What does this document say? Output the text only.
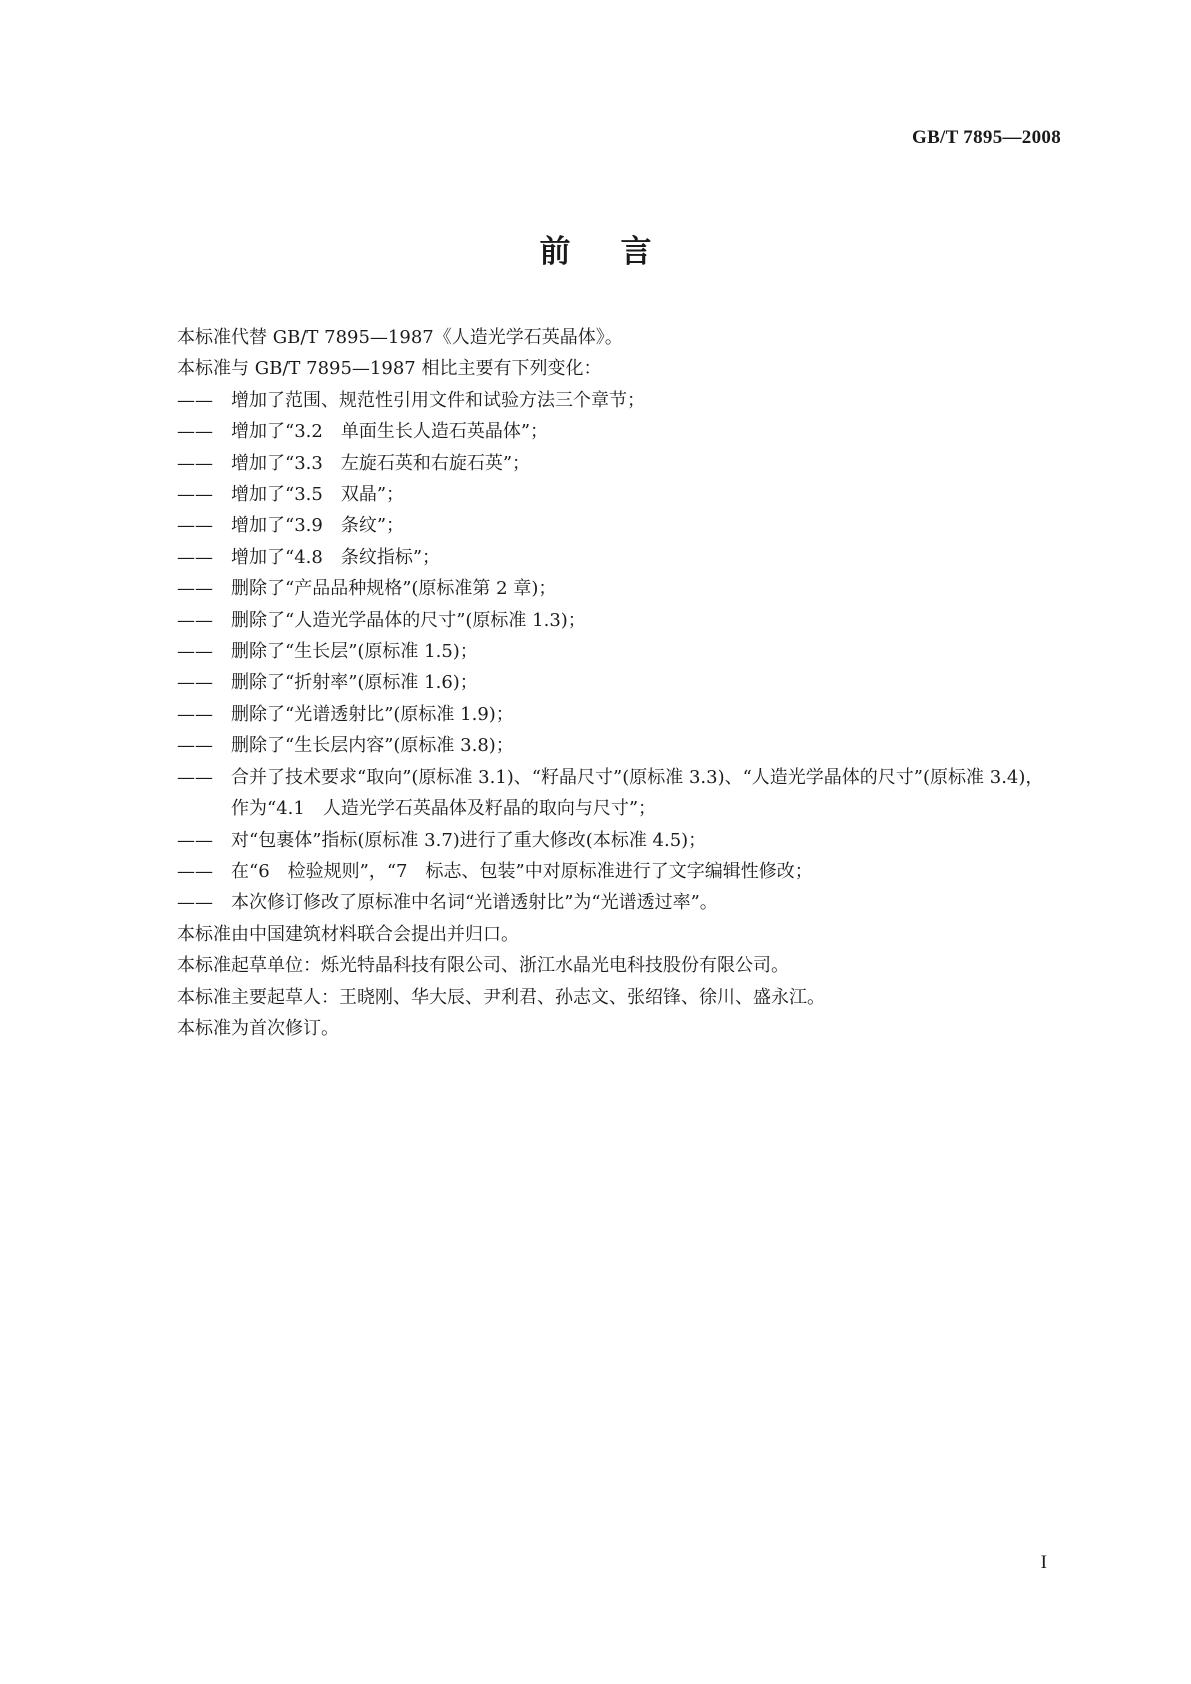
GB/T 7895—2008
前言

本标准代替 GB/T 7895—1987《人造光学石英晶体》。

本标准与 GB/T 7895—1987 相比主要有下列变化：

—— 增加了范围、规范性引用文件和试验方法三个章节；
—— 增加了“3.2　单面生长人造石英晶体”；
—— 增加了“3.3　左旋石英和右旋石英”；
—— 增加了“3.5　双晶”；
—— 增加了“3.9　条纹”；
—— 增加了“4.8　条纹指标”；
—— 删除了“产品品种规格”(原标准第 2 章)；
—— 删除了“人造光学晶体的尺寸”(原标准 1.3)；
—— 删除了“生长层”(原标准 1.5)；
—— 删除了“折射率”(原标准 1.6)；
—— 删除了“光谱透射比”(原标准 1.9)；
—— 删除了“生长层内容”(原标准 3.8)；
—— 合并了技术要求“取向”(原标准 3.1)、“籽晶尺寸”(原标准 3.3)、“人造光学晶体的尺寸”(原标准 3.4)，作为“4.1　人造光学石英晶体及籽晶的取向与尺寸”；
—— 对“包裹体”指标(原标准 3.7)进行了重大修改(本标准 4.5)；
—— 在“6　检验规则”，“7　标志、包装”中对原标准进行了文字编辑性修改；
—— 本次修订修改了原标准中名词“光谱透射比”为“光谱透过率”。

本标准由中国建筑材料联合会提出并归口。

本标准起草单位：烁光特晶科技有限公司、浙江水晶光电科技股份有限公司。

本标准主要起草人：王晓刚、华大辰、尹利君、孙志文、张绍锋、徐川、盛永江。

本标准为首次修订。

I
